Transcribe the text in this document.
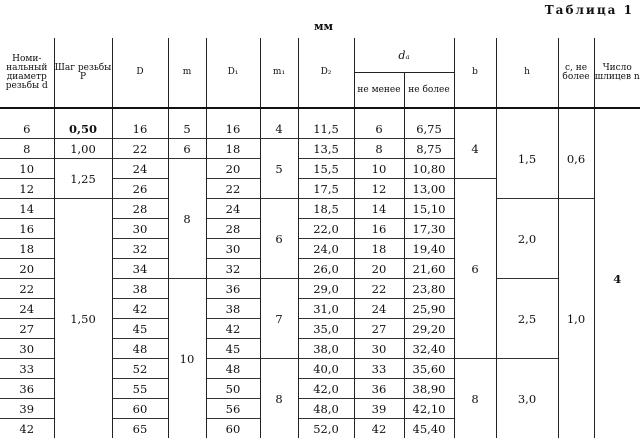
Таблица 1
мм
Номи-нальный диаметр резьбы d	Шаг резьбы P	D	m	D₁	m₁	D₂	dₐ		b	h	c, не более	Число шлицев n
							не менее	не более				

6	0,50	16	5	16	4	11,5	6	6,75	4	1,5	0,6	4
8	1,00	22	6	18	5	13,5	8	8,75				
10	1,25	24	8	20		15,5	10	10,80				
12		26		22		17,5	12	13,00	6			
14	1,50	28		24	6	18,5	14	15,10		2,0	1,0	
16		30		28		22,0	16	17,30				
18		32		30		24,0	18	19,40				
20		34		32		26,0	20	21,60				
22		38	10	36	7	29,0	22	23,80		2,5		
24		42		38		31,0	24	25,90				
27		45		42		35,0	27	29,20				
30		48		45		38,0	30	32,40				
33		52		48	8	40,0	33	35,60	8	3,0		
36		55		50		42,0	36	38,90				
39		60		56		48,0	39	42,10				
42		65		60		52,0	42	45,40				
